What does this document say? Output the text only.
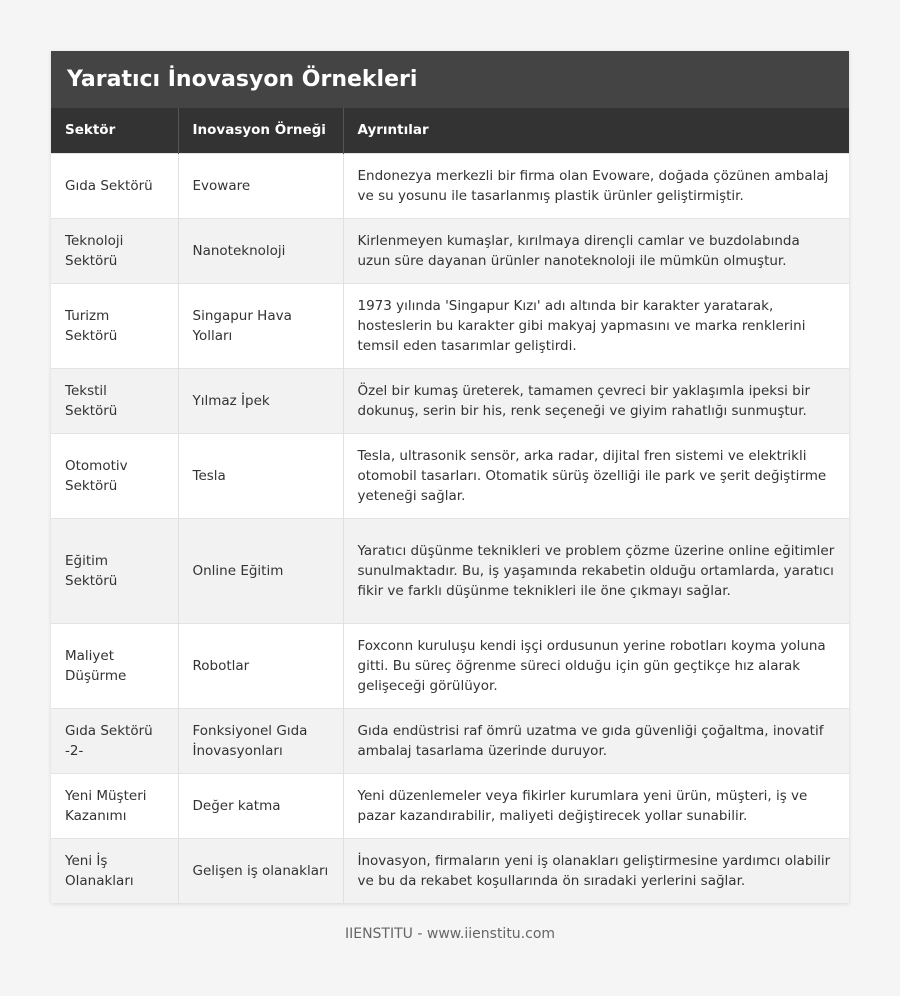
Yaratıcı İnovasyon Örnekleri
Sektör	Inovasyon Örneği	Ayrıntılar
Gıda Sektörü	Evoware	Endonezya merkezli bir firma olan Evoware, doğada çözünen ambalaj ve su yosunu ile tasarlanmış plastik ürünler geliştirmiştir.
Teknoloji Sektörü	Nanoteknoloji	Kirlenmeyen kumaşlar, kırılmaya dirençli camlar ve buzdolabında uzun süre dayanan ürünler nanoteknoloji ile mümkün olmuştur.
Turizm Sektörü	Singapur Hava Yolları	1973 yılında 'Singapur Kızı' adı altında bir karakter yaratarak, hosteslerin bu karakter gibi makyaj yapmasını ve marka renklerini temsil eden tasarımlar geliştirdi.
Tekstil Sektörü	Yılmaz İpek	Özel bir kumaş üreterek, tamamen çevreci bir yaklaşımla ipeksi bir dokunuş, serin bir his, renk seçeneği ve giyim rahatlığı sunmuştur.
Otomotiv Sektörü	Tesla	Tesla, ultrasonik sensör, arka radar, dijital fren sistemi ve elektrikli otomobil tasarları. Otomatik sürüş özelliği ile park ve şerit değiştirme yeteneği sağlar.
Eğitim Sektörü	Online Eğitim	Yaratıcı düşünme teknikleri ve problem çözme üzerine online eğitimler sunulmaktadır. Bu, iş yaşamında rekabetin olduğu ortamlarda, yaratıcı fikir ve farklı düşünme teknikleri ile öne çıkmayı sağlar.
Maliyet Düşürme	Robotlar	Foxconn kuruluşu kendi işçi ordusunun yerine robotları koyma yoluna gitti. Bu süreç öğrenme süreci olduğu için gün geçtikçe hız alarak gelişeceği görülüyor.
Gıda Sektörü -2-	Fonksiyonel Gıda İnovasyonları	Gıda endüstrisi raf ömrü uzatma ve gıda güvenliği çoğaltma, inovatif ambalaj tasarlama üzerinde duruyor.
Yeni Müşteri Kazanımı	Değer katma	Yeni düzenlemeler veya fikirler kurumlara yeni ürün, müşteri, iş ve pazar kazandırabilir, maliyeti değiştirecek yollar sunabilir.
Yeni İş Olanakları	Gelişen iş olanakları	İnovasyon, firmaların yeni iş olanakları geliştirmesine yardımcı olabilir ve bu da rekabet koşullarında ön sıradaki yerlerini sağlar.
IIENSTITU - www.iienstitu.com
